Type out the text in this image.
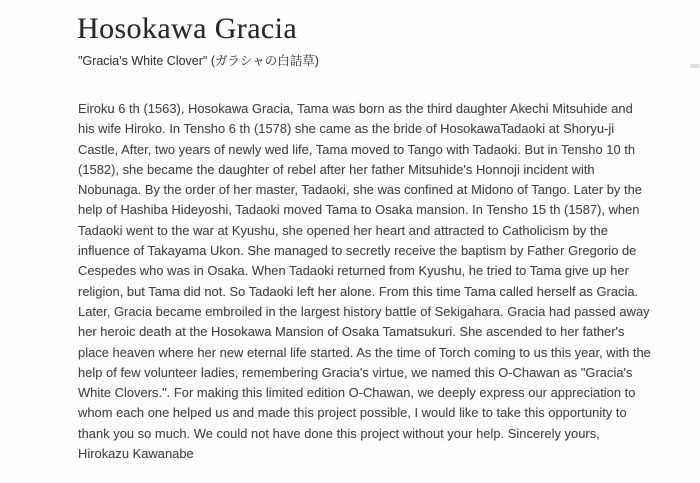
Hosokawa Gracia
"Gracia's White Clover" (ガラシャの白詰草)
Eiroku 6 th (1563), Hosokawa Gracia, Tama was born as the third daughter Akechi Mitsuhide and
his wife Hiroko. In Tensho 6 th (1578) she came as the bride of HosokawaTadaoki at Shoryu-ji
Castle, After, two years of newly wed life, Tama moved to Tango with Tadaoki. But in Tensho 10 th
(1582), she became the daughter of rebel after her father Mitsuhide's Honnoji incident with
Nobunaga. By the order of her master, Tadaoki, she was confined at Midono of Tango. Later by the
help of Hashiba Hideyoshi, Tadaoki moved Tama to Osaka mansion. In Tensho 15 th (1587), when
Tadaoki went to the war at Kyushu, she opened her heart and attracted to Catholicism by the
influence of Takayama Ukon. She managed to secretly receive the baptism by Father Gregorio de
Cespedes who was in Osaka. When Tadaoki returned from Kyushu, he tried to Tama give up her
religion, but Tama did not. So Tadaoki left her alone. From this time Tama called herself as Gracia.
Later, Gracia became embroiled in the largest history battle of Sekigahara. Gracia had passed away
her heroic death at the Hosokawa Mansion of Osaka Tamatsukuri. She ascended to her father's
place heaven where her new eternal life started. As the time of Torch coming to us this year, with the
help of few volunteer ladies, remembering Gracia's virtue, we named this O-Chawan as "Gracia's
White Clovers.". For making this limited edition O-Chawan, we deeply express our appreciation to
whom each one helped us and made this project possible, I would like to take this opportunity to
thank you so much. We could not have done this project without your help. Sincerely yours,
Hirokazu Kawanabe
